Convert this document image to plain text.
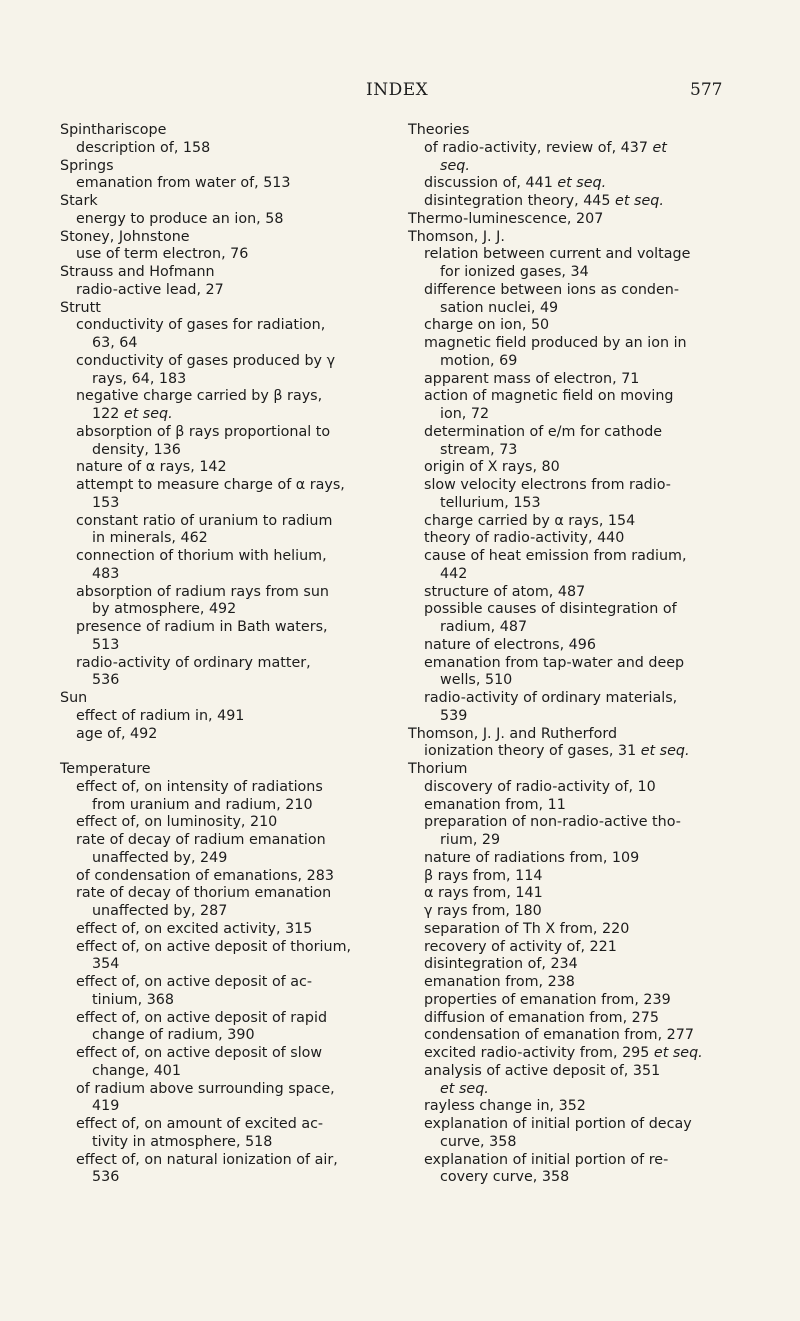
INDEX	577
Spinthariscope
description of, 158
Springs
emanation from water of, 513
Stark
energy to produce an ion, 58
Stoney, Johnstone
use of term electron, 76
Strauss and Hofmann
radio-active lead, 27
Strutt
conductivity of gases for radiation,
63, 64
conductivity of gases produced by γ
rays, 64, 183
negative charge carried by β rays,
122 et seq.
absorption of β rays proportional to
density, 136
nature of α rays, 142
attempt to measure charge of α rays,
153
constant ratio of uranium to radium
in minerals, 462
connection of thorium with helium,
483
absorption of radium rays from sun
by atmosphere, 492
presence of radium in Bath waters,
513
radio-activity of ordinary matter,
536
Sun
effect of radium in, 491
age of, 492
Temperature
effect of, on intensity of radiations
from uranium and radium, 210
effect of, on luminosity, 210
rate of decay of radium emanation
unaffected by, 249
of condensation of emanations, 283
rate of decay of thorium emanation
unaffected by, 287
effect of, on excited activity, 315
effect of, on active deposit of thorium,
354
effect of, on active deposit of ac-
tinium, 368
effect of, on active deposit of rapid
change of radium, 390
effect of, on active deposit of slow
change, 401
of radium above surrounding space,
419
effect of, on amount of excited ac-
tivity in atmosphere, 518
effect of, on natural ionization of air,
536
Theories
of radio-activity, review of, 437 et
seq.
discussion of, 441 et seq.
disintegration theory, 445 et seq.
Thermo-luminescence, 207
Thomson, J. J.
relation between current and voltage
for ionized gases, 34
difference between ions as conden-
sation nuclei, 49
charge on ion, 50
magnetic field produced by an ion in
motion, 69
apparent mass of electron, 71
action of magnetic field on moving
ion, 72
determination of e/m for cathode
stream, 73
origin of X rays, 80
slow velocity electrons from radio-
tellurium, 153
charge carried by α rays, 154
theory of radio-activity, 440
cause of heat emission from radium,
442
structure of atom, 487
possible causes of disintegration of
radium, 487
nature of electrons, 496
emanation from tap-water and deep
wells, 510
radio-activity of ordinary materials,
539
Thomson, J. J. and Rutherford
ionization theory of gases, 31 et seq.
Thorium
discovery of radio-activity of, 10
emanation from, 11
preparation of non-radio-active tho-
rium, 29
nature of radiations from, 109
β rays from, 114
α rays from, 141
γ rays from, 180
separation of Th X from, 220
recovery of activity of, 221
disintegration of, 234
emanation from, 238
properties of emanation from, 239
diffusion of emanation from, 275
condensation of emanation from, 277
excited radio-activity from, 295 et seq.
analysis of active deposit of, 351
et seq.
rayless change in, 352
explanation of initial portion of decay
curve, 358
explanation of initial portion of re-
covery curve, 358
